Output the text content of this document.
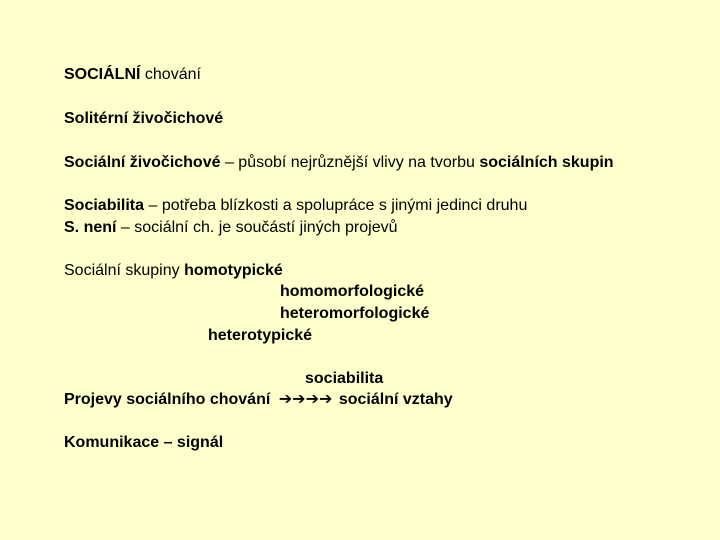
SOCIÁLNÍ chování
Solitérní živočichové
Sociální živočichové – působí nejrůznější vlivy na tvorbu sociálních skupin
Sociabilita – potřeba blízkosti a spolupráce s jinými jedinci druhu
S. není – sociální ch. je součástí jiných projevů
Sociální skupiny homotypické
homomorfologické
heteromorfologické
heterotypické
sociabilita
Projevy sociálního chování ➔➔➔➔ sociální vztahy
Komunikace – signál
